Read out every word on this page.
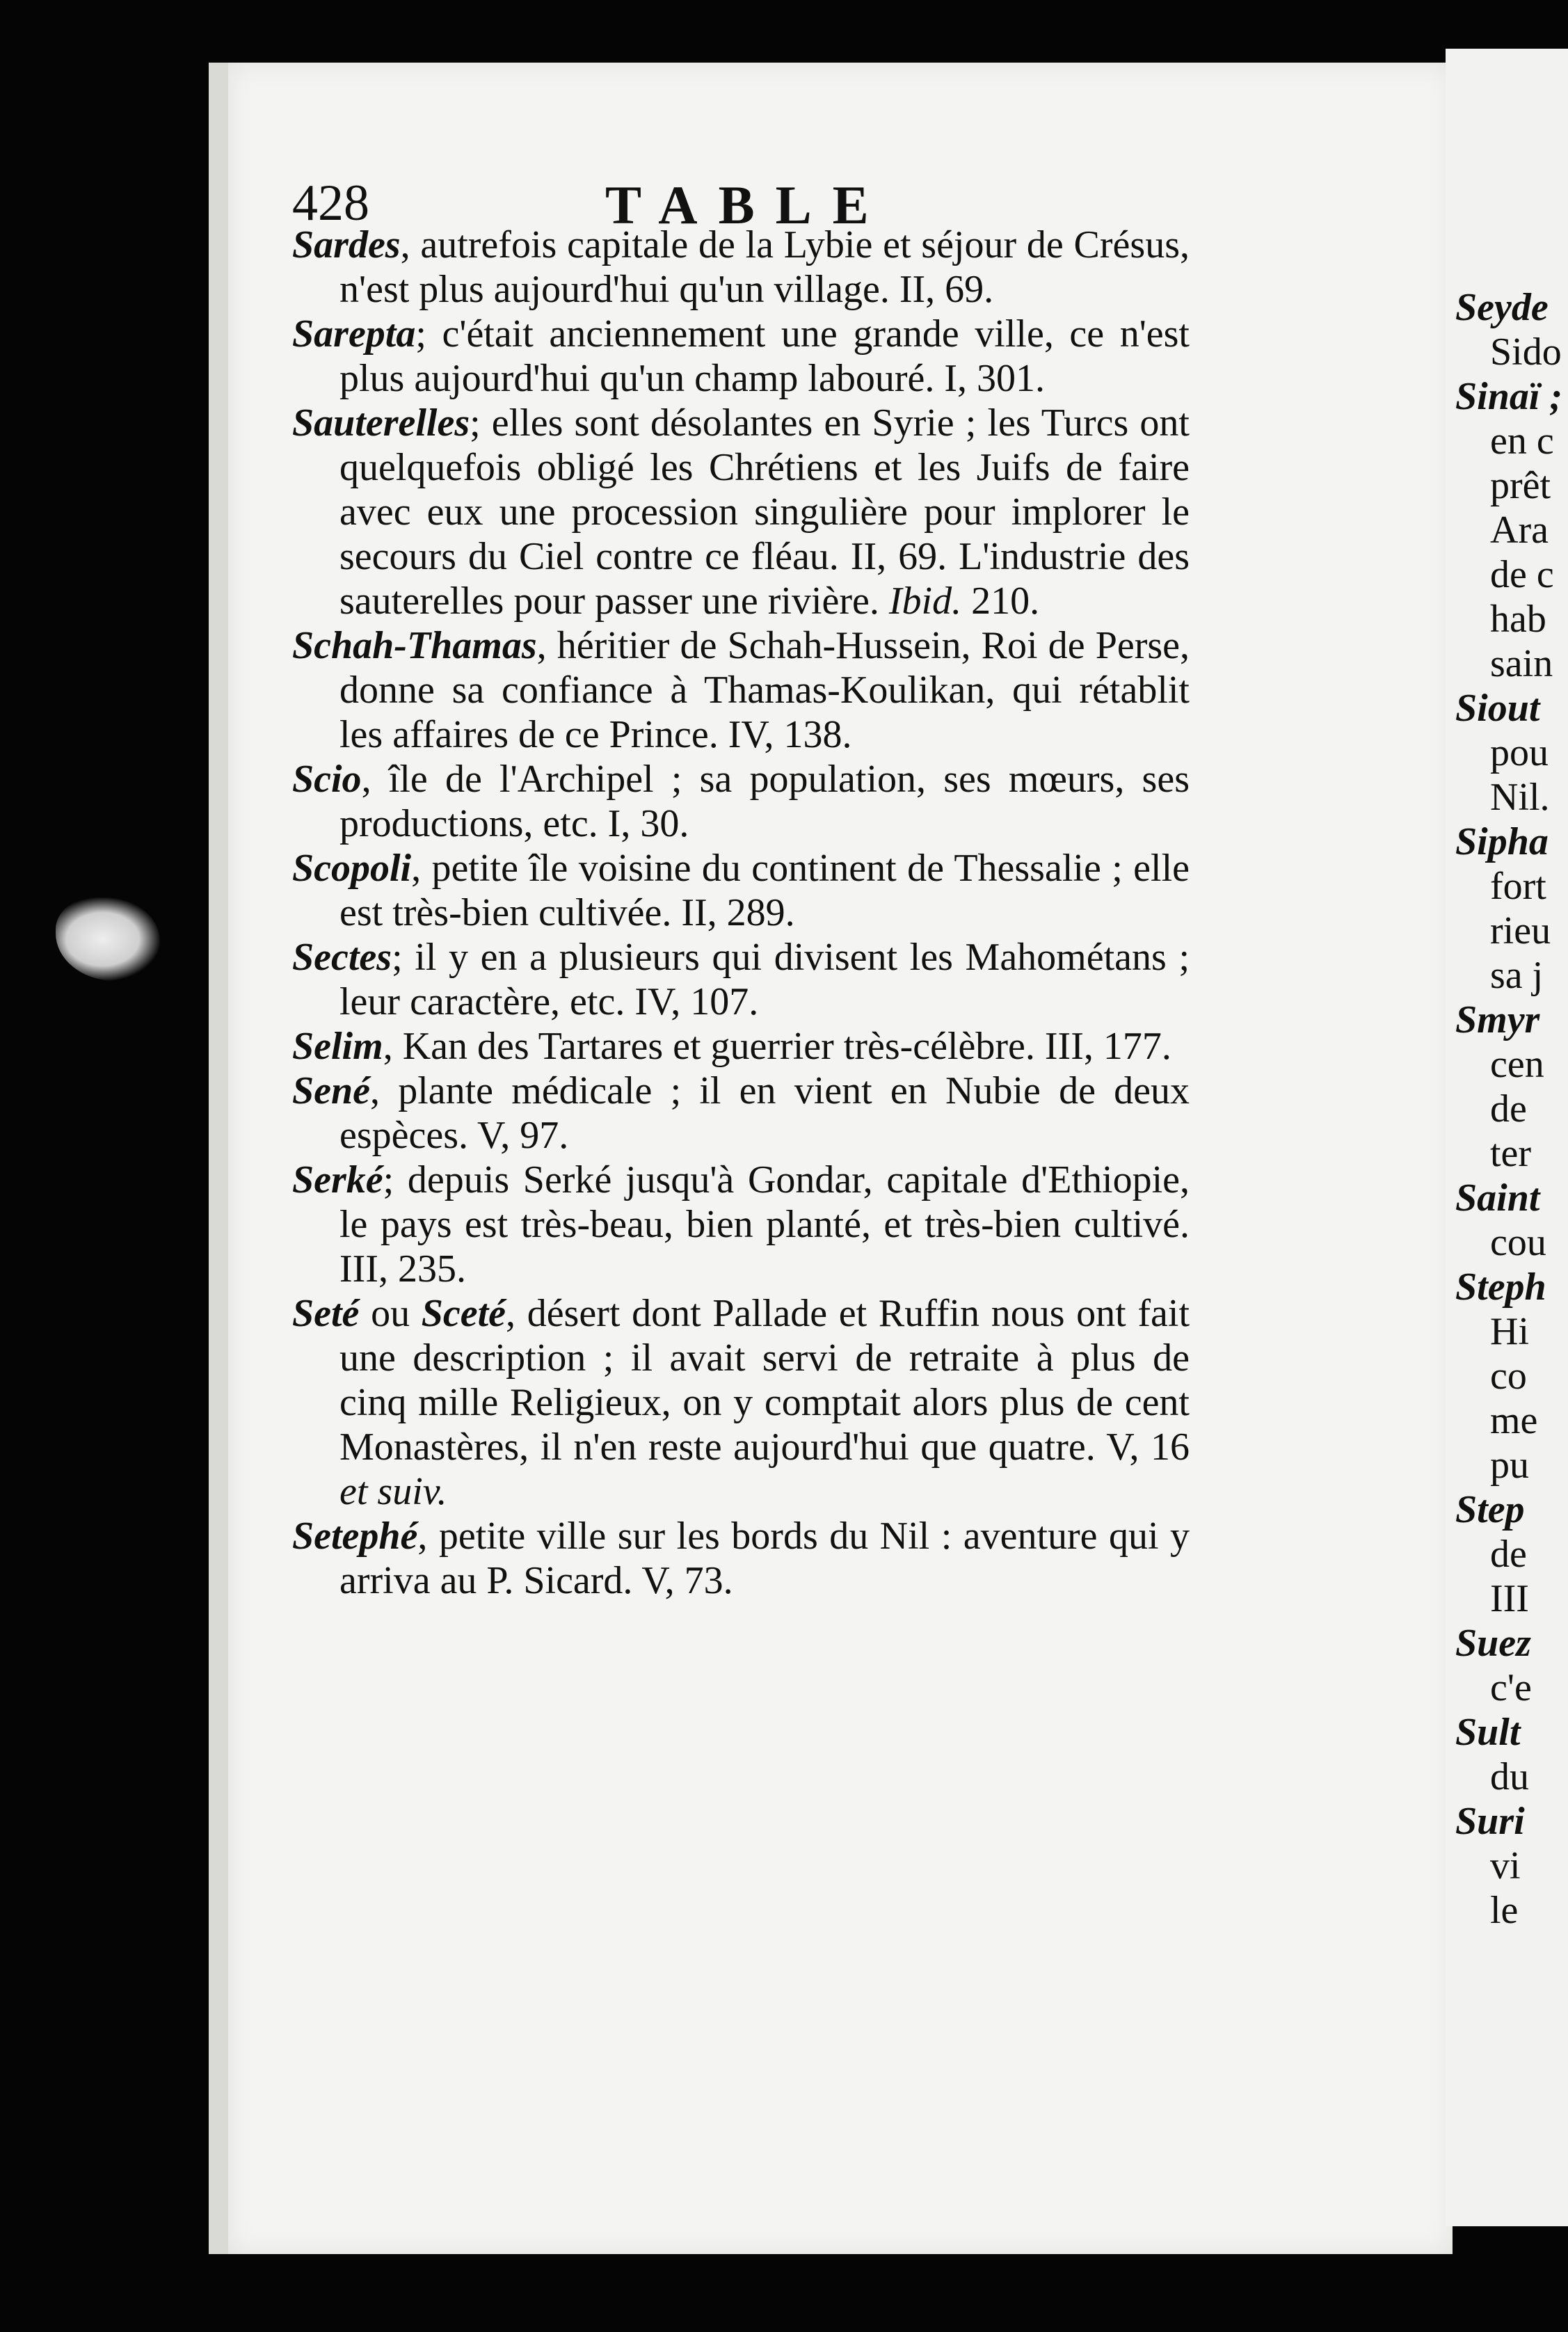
428	TABLE

Sardes, autrefois capitale de la Lybie et séjour de Crésus, n'est plus aujourd'hui qu'un village. II, 69.

Sarepta; c'était anciennement une grande ville, ce n'est plus aujourd'hui qu'un champ labouré. I, 301.

Sauterelles; elles sont désolantes en Syrie ; les Turcs ont quelquefois obligé les Chrétiens et les Juifs de faire avec eux une procession singulière pour implorer le secours du Ciel contre ce fléau. II, 69. L'industrie des sauterelles pour passer une rivière. Ibid. 210.

Schah-Thamas, héritier de Schah-Hussein, Roi de Perse, donne sa confiance à Thamas-Koulikan, qui rétablit les affaires de ce Prince. IV, 138.

Scio, île de l'Archipel ; sa population, ses mœurs, ses productions, etc. I, 30.

Scopoli, petite île voisine du continent de Thessalie ; elle est très-bien cultivée. II, 289.

Sectes; il y en a plusieurs qui divisent les Mahométans ; leur caractère, etc. IV, 107.

Selim, Kan des Tartares et guerrier très-célèbre. III, 177.

Sené, plante médicale ; il en vient en Nubie de deux espèces. V, 97.

Serké; depuis Serké jusqu'à Gondar, capitale d'Ethiopie, le pays est très-beau, bien planté, et très-bien cultivé. III, 235.

Seté ou Sceté, désert dont Pallade et Ruffin nous ont fait une description ; il avait servi de retraite à plus de cinq mille Religieux, on y comptait alors plus de cent Monastères, il n'en reste aujourd'hui que quatre. V, 16 et suiv.

Setephé, petite ville sur les bords du Nil : aventure qui y arriva au P. Sicard. V, 73.

Seyde
Sido
Sinaï ;
en c
prêt
Ara
de c
hab
sain
Siout
pou
Nil.
Sipha
fort
rieu
sa j
Smyr
cen
de
ter
Saint
cou
Steph
Hi
co
me
pu
Step
de
III
Suez
c'e
Sult
du
Suri
vi
le
